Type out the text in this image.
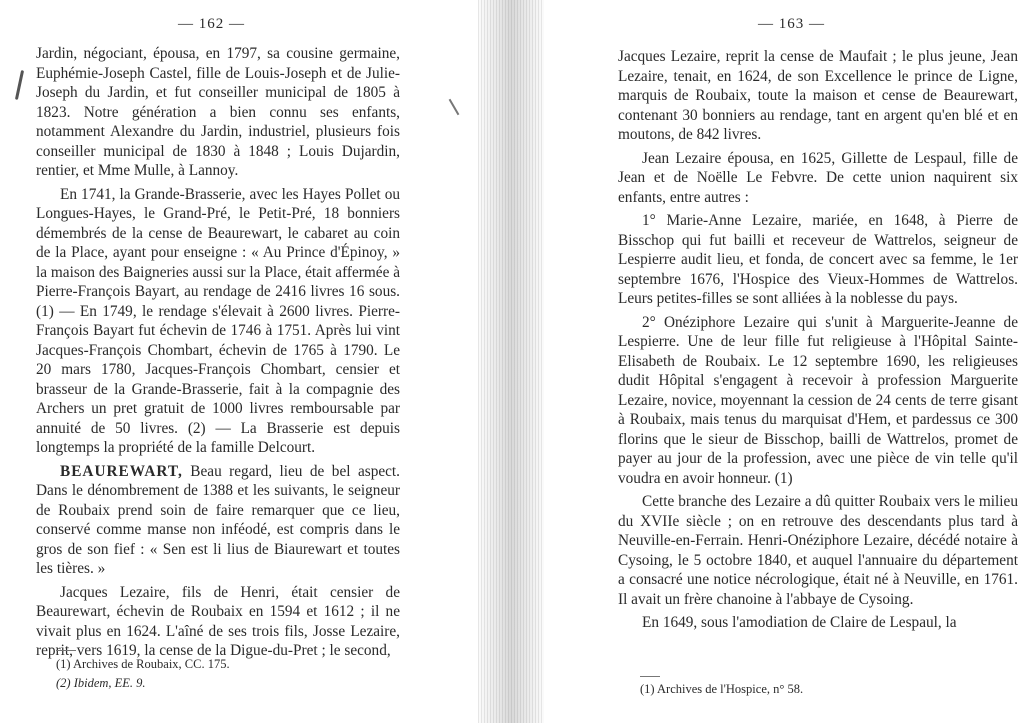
— 162 —

Jardin, négociant, épousa, en 1797, sa cousine germaine, Euphémie-Joseph Castel, fille de Louis-Joseph et de Julie-Joseph du Jardin, et fut conseiller municipal de 1805 à 1823. Notre génération a bien connu ses enfants, notamment Alexandre du Jardin, industriel, plusieurs fois conseiller municipal de 1830 à 1848 ; Louis Dujardin, rentier, et Mme Mulle, à Lannoy.

En 1741, la Grande-Brasserie, avec les Hayes Pollet ou Longues-Hayes, le Grand-Pré, le Petit-Pré, 18 bonniers démembrés de la cense de Beaurewart, le cabaret au coin de la Place, ayant pour enseigne : « Au Prince d'Épinoy, » la maison des Baigneries aussi sur la Place, était affermée à Pierre-François Bayart, au rendage de 2416 livres 16 sous. (1) — En 1749, le rendage s'élevait à 2600 livres. Pierre-François Bayart fut échevin de 1746 à 1751. Après lui vint Jacques-François Chombart, échevin de 1765 à 1790. Le 20 mars 1780, Jacques-François Chombart, censier et brasseur de la Grande-Brasserie, fait à la compagnie des Archers un pret gratuit de 1000 livres remboursable par annuité de 50 livres. (2) — La Brasserie est depuis longtemps la propriété de la famille Delcourt.

BEAUREWART, Beau regard, lieu de bel aspect. Dans le dénombrement de 1388 et les suivants, le seigneur de Roubaix prend soin de faire remarquer que ce lieu, conservé comme manse non inféodé, est compris dans le gros de son fief : « Sen est li lius de Biaurewart et toutes les tières. »

Jacques Lezaire, fils de Henri, était censier de Beaurewart, échevin de Roubaix en 1594 et 1612 ; il ne vivait plus en 1624. L'aîné de ses trois fils, Josse Lezaire, reprit, vers 1619, la cense de la Digue-du-Pret ; le second,

(1) Archives de Roubaix, CC. 175.
(2) Ibidem, EE. 9.
— 163 —

Jacques Lezaire, reprit la cense de Maufait ; le plus jeune, Jean Lezaire, tenait, en 1624, de son Excellence le prince de Ligne, marquis de Roubaix, toute la maison et cense de Beaurewart, contenant 30 bonniers au rendage, tant en argent qu'en blé et en moutons, de 842 livres.

Jean Lezaire épousa, en 1625, Gillette de Lespaul, fille de Jean et de Noëlle Le Febvre. De cette union naquirent six enfants, entre autres :

1° Marie-Anne Lezaire, mariée, en 1648, à Pierre de Bisschop qui fut bailli et receveur de Wattrelos, seigneur de Lespierre audit lieu, et fonda, de concert avec sa femme, le 1er septembre 1676, l'Hospice des Vieux-Hommes de Wattrelos. Leurs petites-filles se sont alliées à la noblesse du pays.

2° Onéziphore Lezaire qui s'unit à Marguerite-Jeanne de Lespierre. Une de leur fille fut religieuse à l'Hôpital Sainte-Elisabeth de Roubaix. Le 12 septembre 1690, les religieuses dudit Hôpital s'engagent à recevoir à profession Marguerite Lezaire, novice, moyennant la cession de 24 cents de terre gisant à Roubaix, mais tenus du marquisat d'Hem, et pardessus ce 300 florins que le sieur de Bisschop, bailli de Wattrelos, promet de payer au jour de la profession, avec une pièce de vin telle qu'il voudra en avoir honneur. (1)

Cette branche des Lezaire a dû quitter Roubaix vers le milieu du XVIIe siècle ; on en retrouve des descendants plus tard à Neuville-en-Ferrain. Henri-Onéziphore Lezaire, décédé notaire à Cysoing, le 5 octobre 1840, et auquel l'annuaire du département a consacré une notice nécrologique, était né à Neuville, en 1761. Il avait un frère chanoine à l'abbaye de Cysoing.

En 1649, sous l'amodiation de Claire de Lespaul, la

(1) Archives de l'Hospice, n° 58.
